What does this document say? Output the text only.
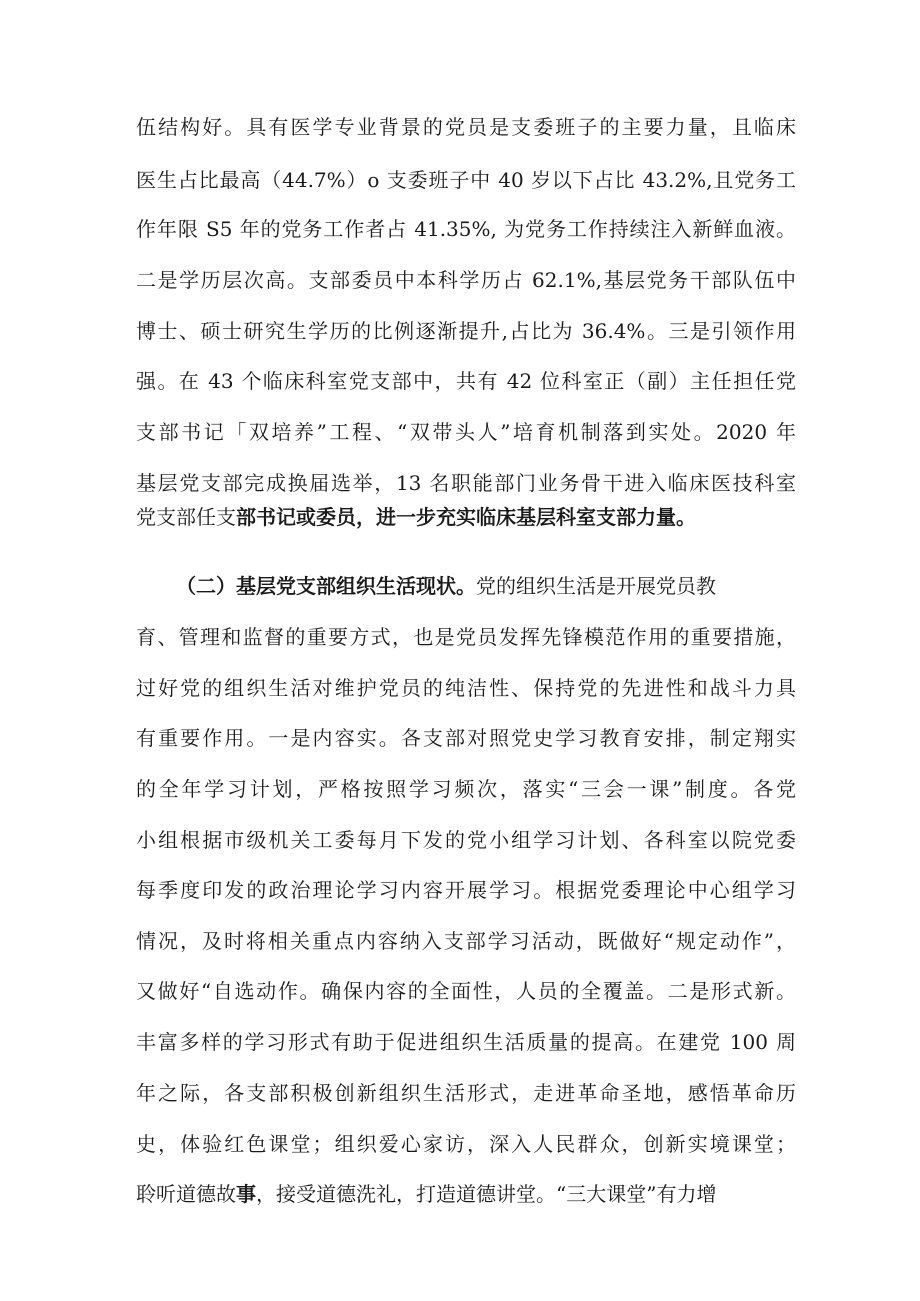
伍结构好。具有医学专业背景的党员是支委班子的主要力量，且临床
医生占比最高（44.7%）o 支委班子中 40 岁以下占比 43.2%,且党务工
作年限 S5 年的党务工作者占 41.35%, 为党务工作持续注入新鲜血液。
二是学历层次高。支部委员中本科学历占 62.1%,基层党务干部队伍中
博士、硕士研究生学历的比例逐渐提升,占比为 36.4%。三是引领作用
强。在 43 个临床科室党支部中，共有 42 位科室正（副）主任担任党
支部书记「双培养”工程、“双带头人”培育机制落到实处。2020 年
基层党支部完成换届选举，13 名职能部门业务骨干进入临床医技科室
党支部任支部书记或委员，进一步充实临床基层科室支部力量。
（二）基层党支部组织生活现状。党的组织生活是开展党员教
育、管理和监督的重要方式，也是党员发挥先锋模范作用的重要措施，
过好党的组织生活对维护党员的纯洁性、保持党的先进性和战斗力具
有重要作用。一是内容实。各支部对照党史学习教育安排，制定翔实
的全年学习计划，严格按照学习频次，落实“三会一课”制度。各党
小组根据市级机关工委每月下发的党小组学习计划、各科室以院党委
每季度印发的政治理论学习内容开展学习。根据党委理论中心组学习
情况，及时将相关重点内容纳入支部学习活动，既做好“规定动作”，
又做好“自选动作。确保内容的全面性，人员的全覆盖。二是形式新。
丰富多样的学习形式有助于促进组织生活质量的提高。在建党 100 周
年之际，各支部积极创新组织生活形式，走进革命圣地，感悟革命历
史，体验红色课堂；组织爱心家访，深入人民群众，创新实境课堂；
聆听道德故事，接受道德洗礼，打造道德讲堂。“三大课堂”有力增
